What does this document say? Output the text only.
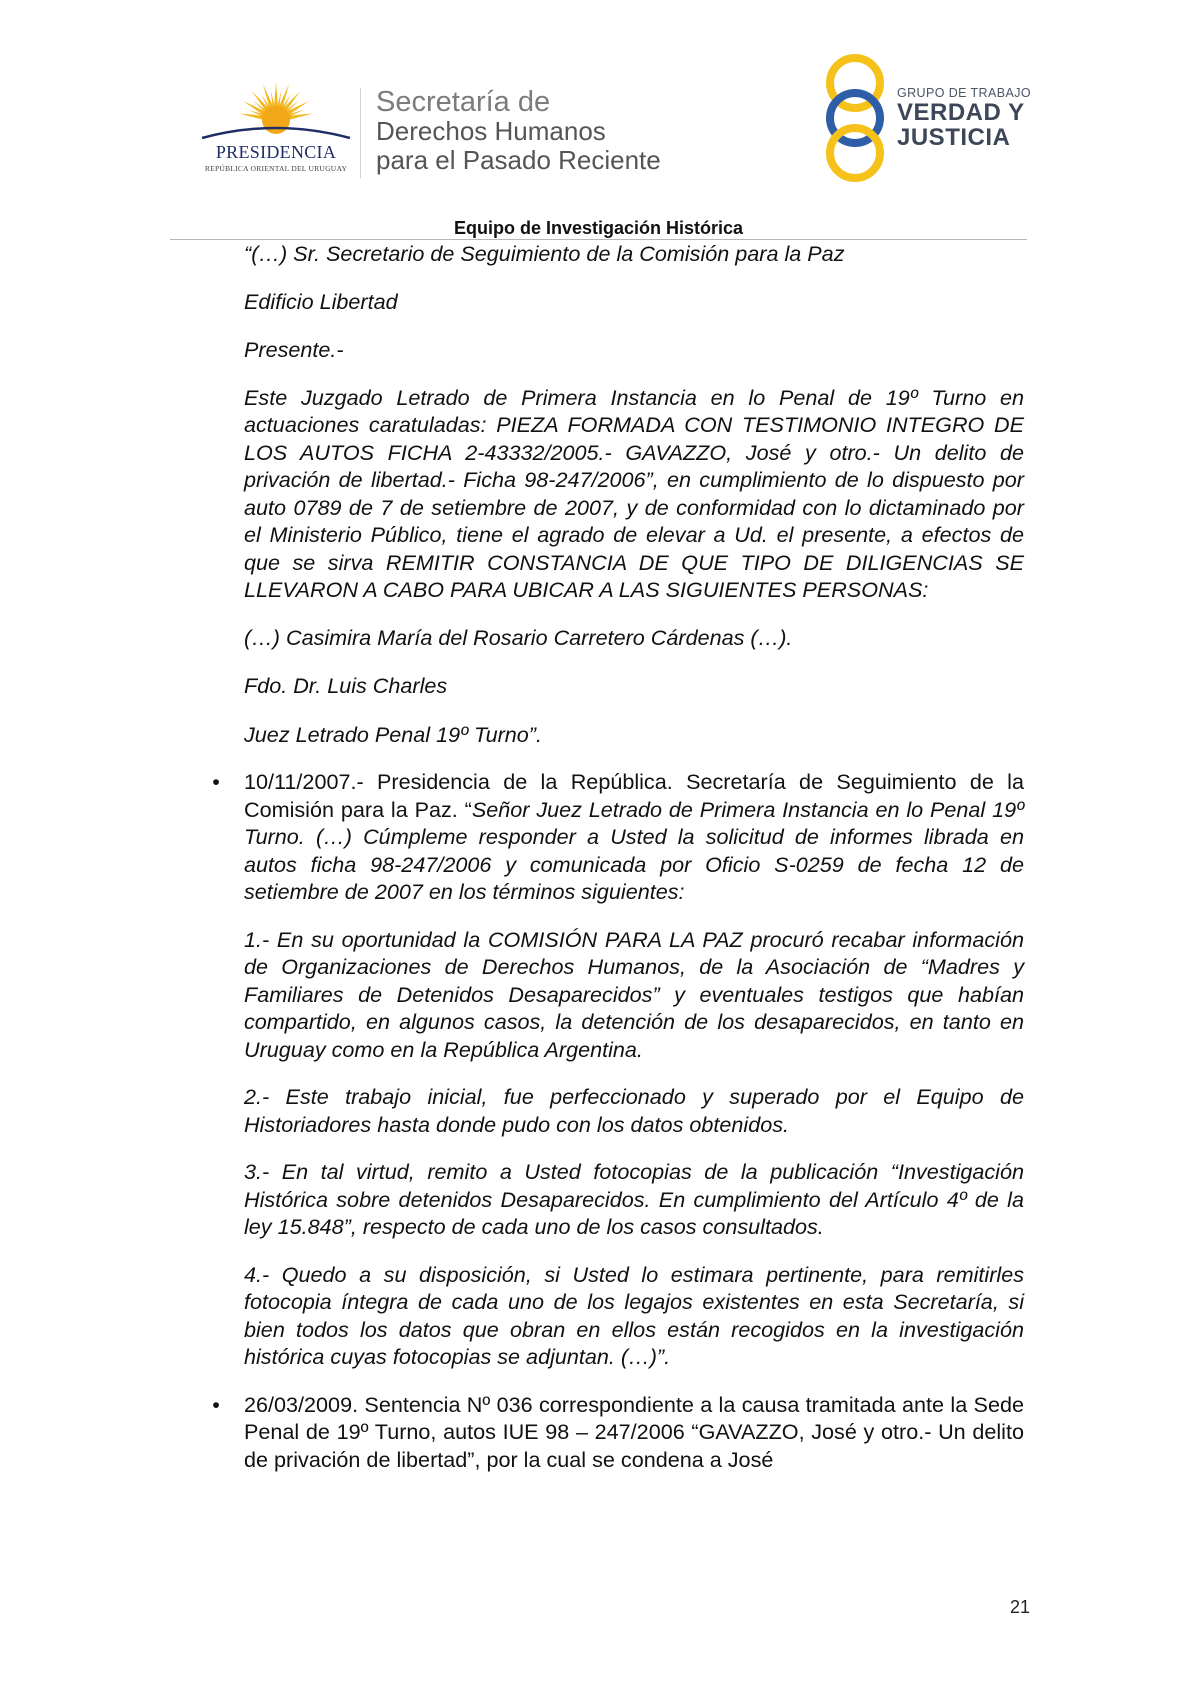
PRESIDENCIA
REPÚBLICA ORIENTAL DEL URUGUAY
Secretaría de
Derechos Humanos
para el Pasado Reciente
GRUPO DE TRABAJO
VERDAD Y
JUSTICIA
Equipo de Investigación Histórica

“(…) Sr. Secretario de Seguimiento de la Comisión para la Paz

Edificio Libertad

Presente.-

Este Juzgado Letrado de Primera Instancia en lo Penal de 19º Turno en actuaciones caratuladas: PIEZA FORMADA CON TESTIMONIO INTEGRO DE LOS AUTOS FICHA 2-43332/2005.- GAVAZZO, José y otro.- Un delito de privación de libertad.- Ficha 98-247/2006”, en cumplimiento de lo dispuesto por auto 0789 de 7 de setiembre de 2007, y de conformidad con lo dictaminado por el Ministerio Público, tiene el agrado de elevar a Ud. el presente, a efectos de que se sirva REMITIR CONSTANCIA DE QUE TIPO DE DILIGENCIAS SE LLEVARON A CABO PARA UBICAR A LAS SIGUIENTES PERSONAS:

(…) Casimira María del Rosario Carretero Cárdenas (…).

Fdo. Dr. Luis Charles

Juez Letrado Penal 19º Turno”.

• 10/11/2007.- Presidencia de la República. Secretaría de Seguimiento de la Comisión para la Paz. “Señor Juez Letrado de Primera Instancia en lo Penal 19º Turno. (…) Cúmpleme responder a Usted la solicitud de informes librada en autos ficha 98-247/2006 y comunicada por Oficio S-0259 de fecha 12 de setiembre de 2007 en los términos siguientes:

1.- En su oportunidad la COMISIÓN PARA LA PAZ procuró recabar información de Organizaciones de Derechos Humanos, de la Asociación de “Madres y Familiares de Detenidos Desaparecidos” y eventuales testigos que habían compartido, en algunos casos, la detención de los desaparecidos, en tanto en Uruguay como en la República Argentina.

2.- Este trabajo inicial, fue perfeccionado y superado por el Equipo de Historiadores hasta donde pudo con los datos obtenidos.

3.- En tal virtud, remito a Usted fotocopias de la publicación “Investigación Histórica sobre detenidos Desaparecidos. En cumplimiento del Artículo 4º de la ley 15.848”, respecto de cada uno de los casos consultados.

4.- Quedo a su disposición, si Usted lo estimara pertinente, para remitirles fotocopia íntegra de cada uno de los legajos existentes en esta Secretaría, si bien todos los datos que obran en ellos están recogidos en la investigación histórica cuyas fotocopias se adjuntan. (…)”.

• 26/03/2009. Sentencia Nº 036 correspondiente a la causa tramitada ante la Sede Penal de 19º Turno, autos IUE 98 – 247/2006 “GAVAZZO, José y otro.- Un delito de privación de libertad”, por la cual se condena a José
21
